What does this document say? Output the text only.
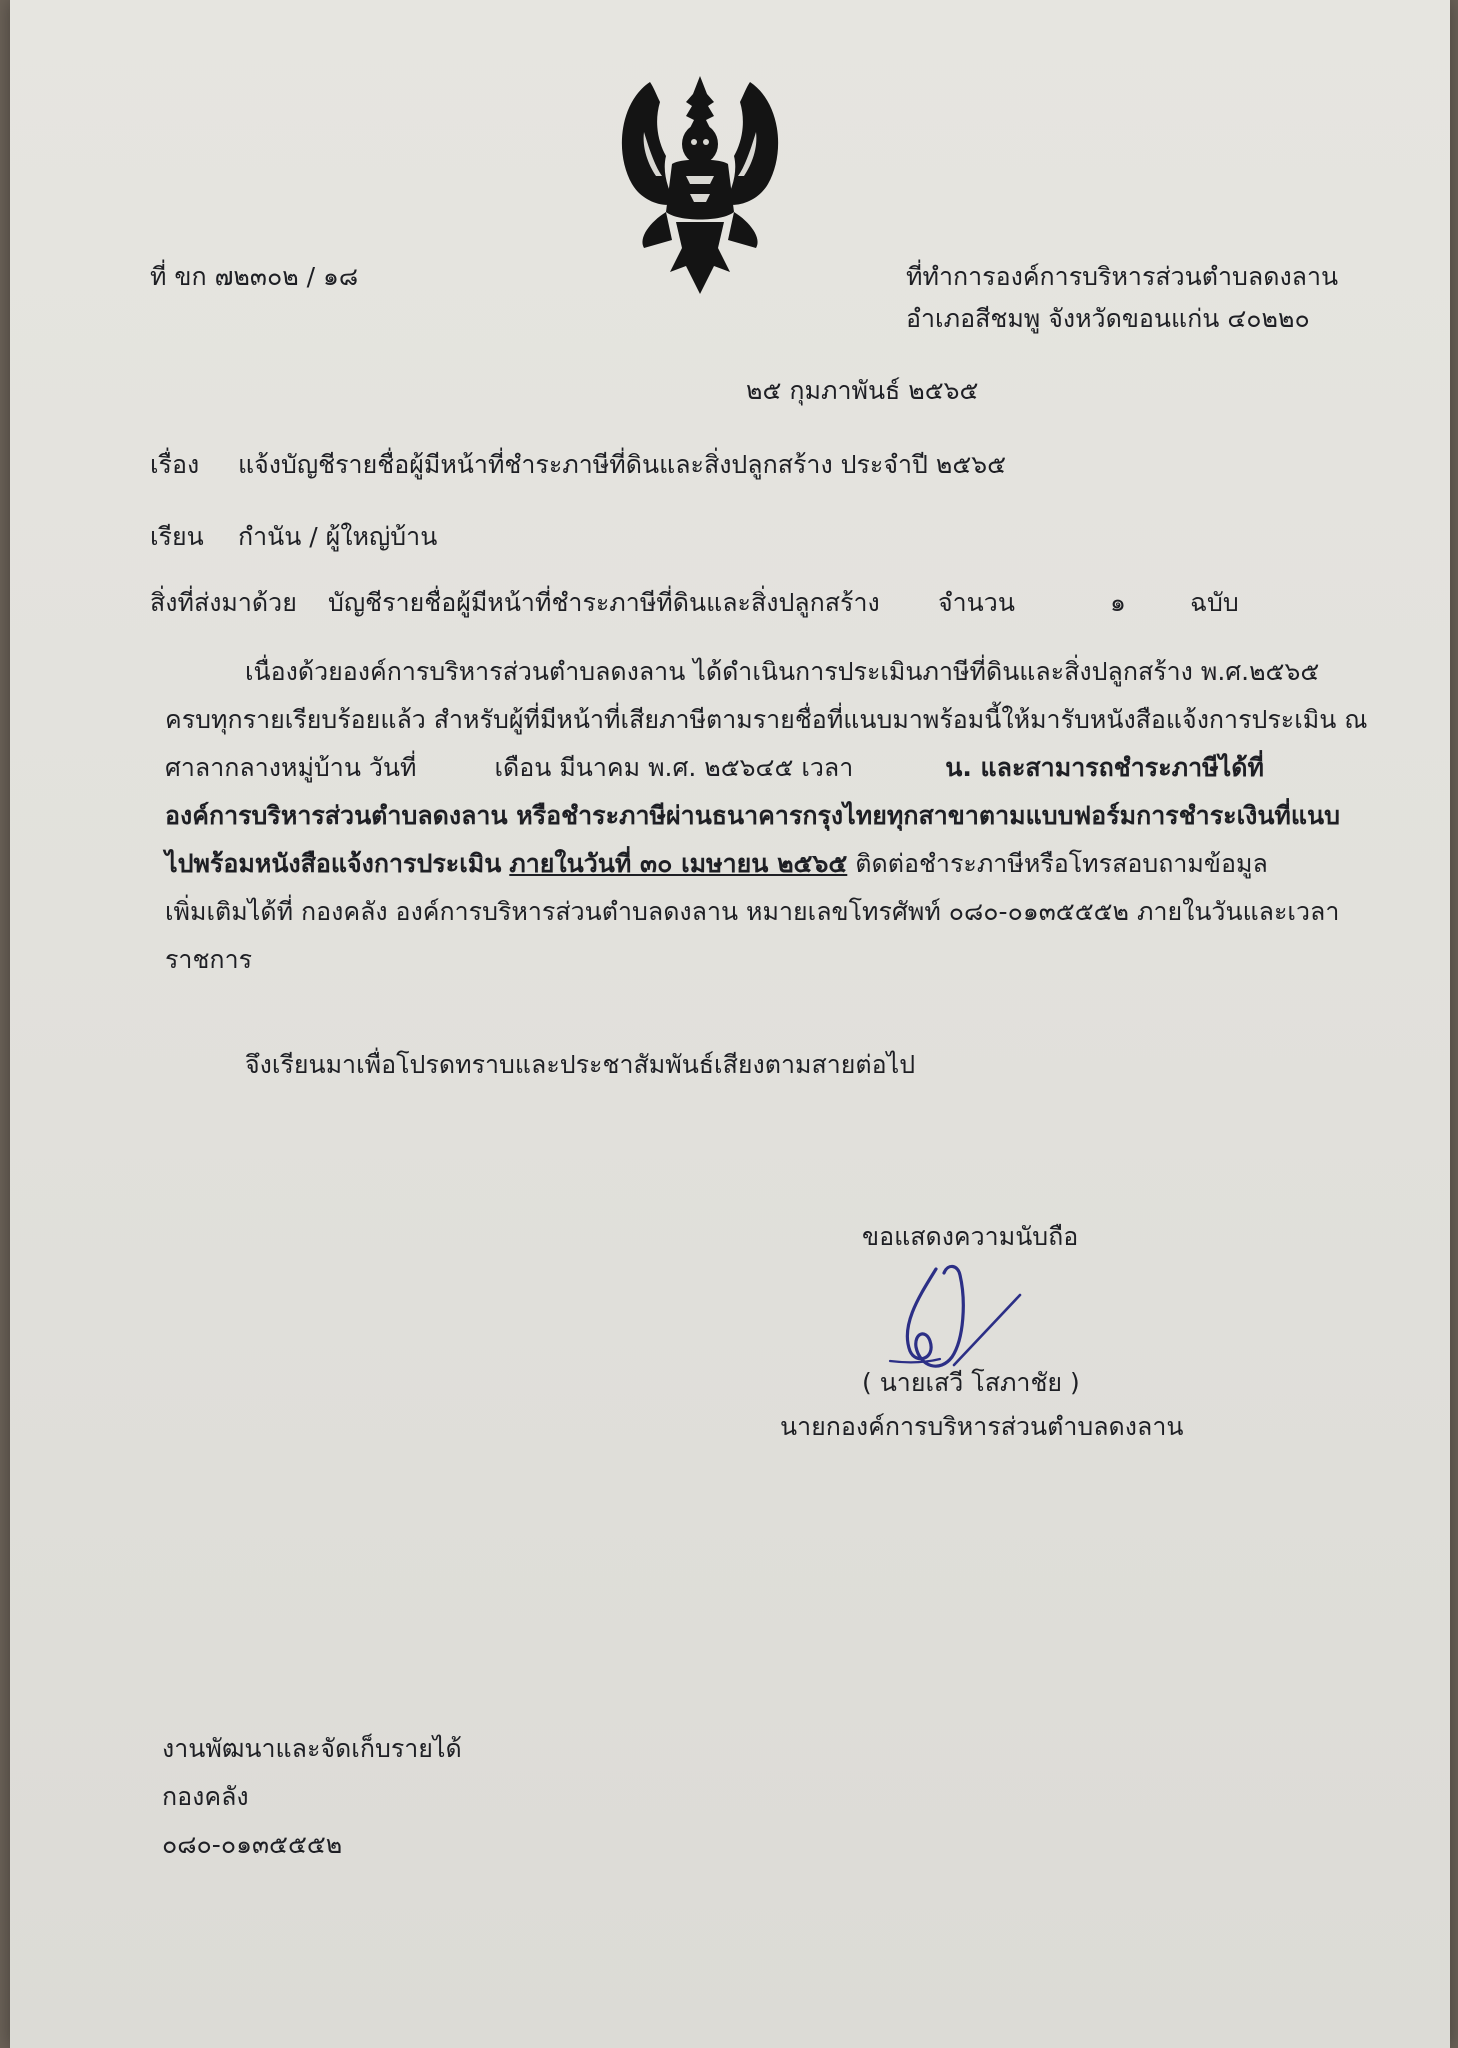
ที่ ขก ๗๒๓๐๒ / ๑๘	ที่ทำการองค์การบริหารส่วนตำบลดงลาน
อำเภอสีชมพู จังหวัดขอนแก่น ๔๐๒๒๐
๒๕ กุมภาพันธ์ ๒๕๖๕
เรื่อง แจ้งบัญชีรายชื่อผู้มีหน้าที่ชำระภาษีที่ดินและสิ่งปลูกสร้าง ประจำปี ๒๕๖๕
เรียน กำนัน / ผู้ใหญ่บ้าน
สิ่งที่ส่งมาด้วย บัญชีรายชื่อผู้มีหน้าที่ชำระภาษีที่ดินและสิ่งปลูกสร้าง จำนวน	๑	ฉบับ
เนื่องด้วยองค์การบริหารส่วนตำบลดงลาน ได้ดำเนินการประเมินภาษีที่ดินและสิ่งปลูกสร้าง พ.ศ.๒๕๖๕
ครบทุกรายเรียบร้อยแล้ว สำหรับผู้ที่มีหน้าที่เสียภาษีตามรายชื่อที่แนบมาพร้อมนี้ให้มารับหนังสือแจ้งการประเมิน ณ
ศาลากลางหมู่บ้าน วันที่	เดือน มีนาคม พ.ศ. ๒๕๖๔๕ เวลา	น. และสามารถชำระภาษีได้ที่
องค์การบริหารส่วนตำบลดงลาน หรือชำระภาษีผ่านธนาคารกรุงไทยทุกสาขาตามแบบฟอร์มการชำระเงินที่แนบ
ไปพร้อมหนังสือแจ้งการประเมิน
ภายในวันที่ ๓๐ เมษายน ๒๕๖๕
ติดต่อชำระภาษีหรือโทรสอบถามข้อมูล
เพิ่มเติมได้ที่ กองคลัง องค์การบริหารส่วนตำบลดงลาน หมายเลขโทรศัพท์ ๐๘๐-๐๑๓๕๕๕๒ ภายในวันและเวลา
ราชการ
จึงเรียนมาเพื่อโปรดทราบและประชาสัมพันธ์เสียงตามสายต่อไป
ขอแสดงความนับถือ
( นายเสวี โสภาชัย )
นายกองค์การบริหารส่วนตำบลดงลาน
งานพัฒนาและจัดเก็บรายได้
กองคลัง
๐๘๐-๐๑๓๕๕๕๒
